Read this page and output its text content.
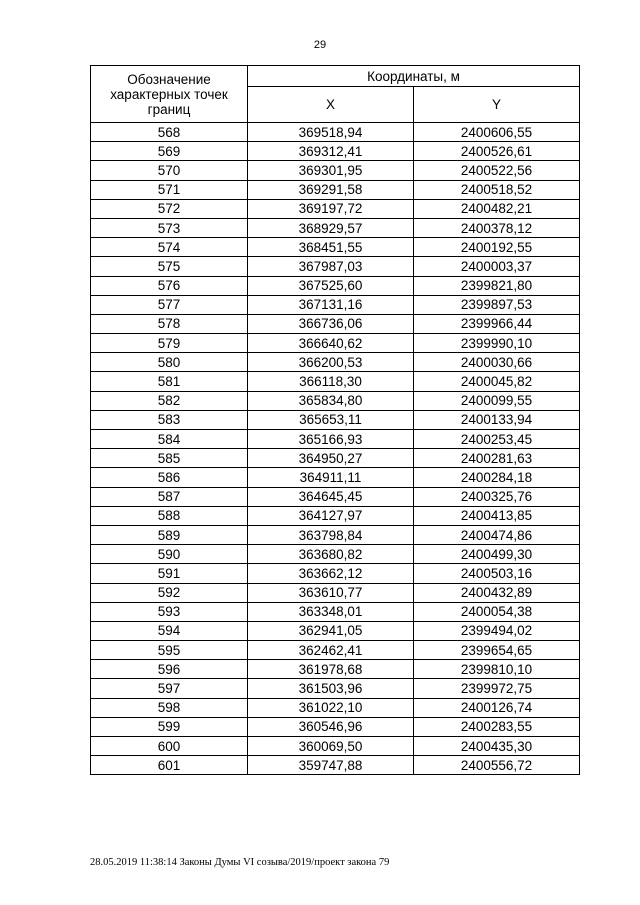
29
Обозначение характерных точек границ	Координаты, м	
	X	Y
568	369518,94	2400606,55
569	369312,41	2400526,61
570	369301,95	2400522,56
571	369291,58	2400518,52
572	369197,72	2400482,21
573	368929,57	2400378,12
574	368451,55	2400192,55
575	367987,03	2400003,37
576	367525,60	2399821,80
577	367131,16	2399897,53
578	366736,06	2399966,44
579	366640,62	2399990,10
580	366200,53	2400030,66
581	366118,30	2400045,82
582	365834,80	2400099,55
583	365653,11	2400133,94
584	365166,93	2400253,45
585	364950,27	2400281,63
586	364911,11	2400284,18
587	364645,45	2400325,76
588	364127,97	2400413,85
589	363798,84	2400474,86
590	363680,82	2400499,30
591	363662,12	2400503,16
592	363610,77	2400432,89
593	363348,01	2400054,38
594	362941,05	2399494,02
595	362462,41	2399654,65
596	361978,68	2399810,10
597	361503,96	2399972,75
598	361022,10	2400126,74
599	360546,96	2400283,55
600	360069,50	2400435,30
601	359747,88	2400556,72
28.05.2019 11:38:14 Законы Думы VI созыва/2019/проект закона 79
